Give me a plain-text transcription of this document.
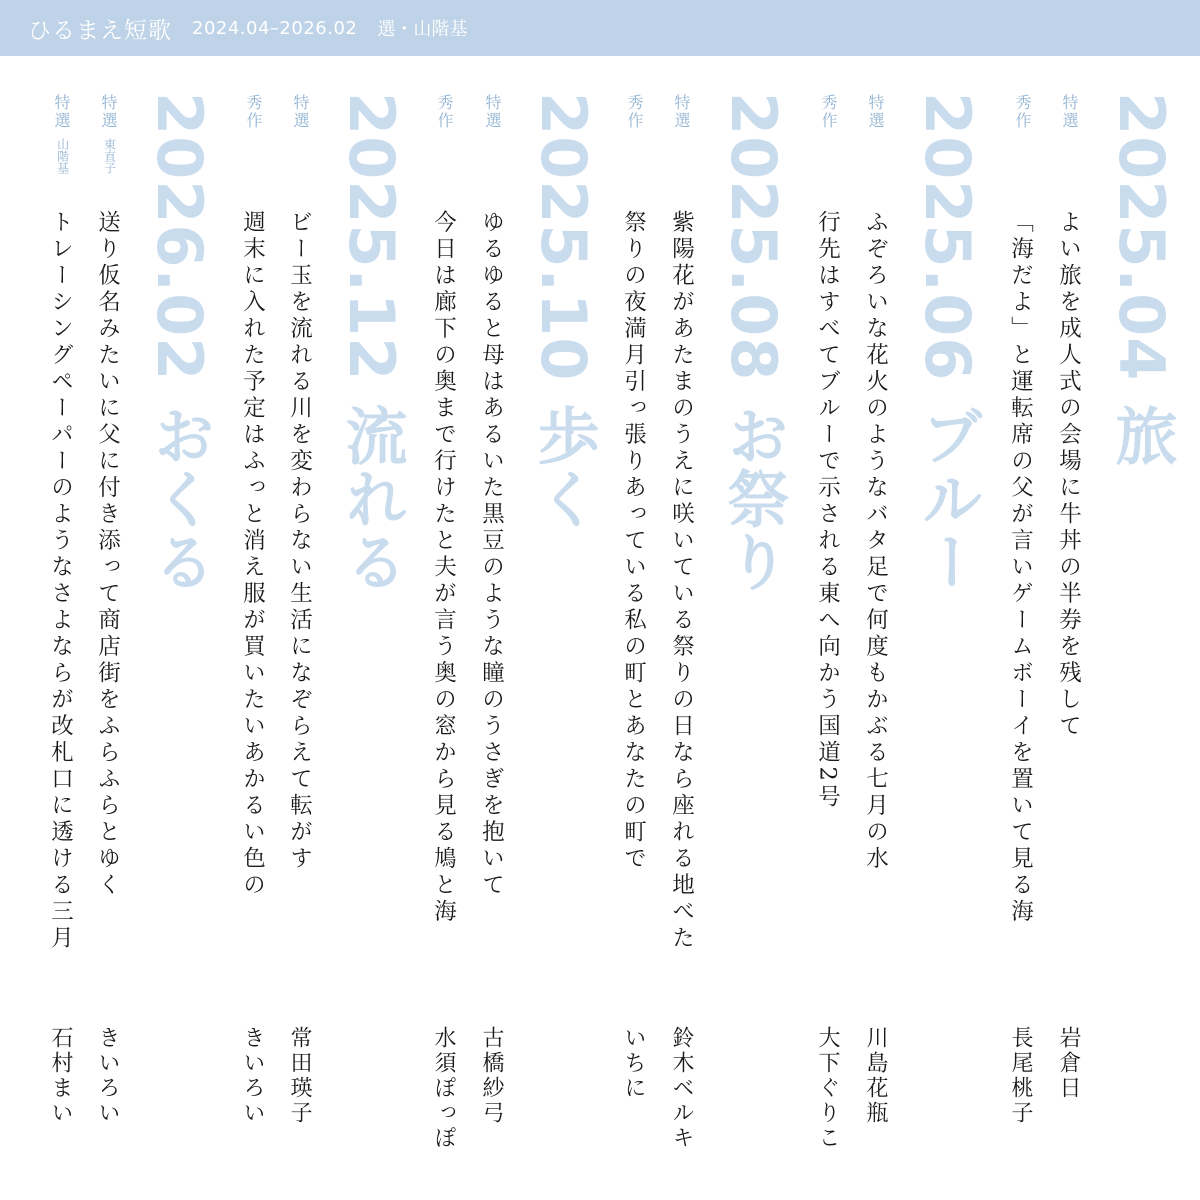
ひるまえ短歌 2024.04–2026.02 選・山階基
2025.04 旅
特選
よい旅を成人式の会場に牛丼の半券を残して
岩倉日
秀作
「海だよ」と運転席の父が言いゲームボーイを置いて見る海
長尾桃子
2025.06 ブルー
特選
ふぞろいな花火のようなバタ足で何度もかぶる七月の水
川島花瓶
秀作
行先はすべてブルーで示される東へ向かう国道2号
大下ぐりこ
2025.08 お祭り
特選
紫陽花があたまのうえに咲いている祭りの日なら座れる地べた
鈴木ベルキ
秀作
祭りの夜満月引っ張りあっている私の町とあなたの町で
いちに
2025.10 歩く
特選
ゆるゆると母はあるいた黒豆のような瞳のうさぎを抱いて
古橋紗弓
秀作
今日は廊下の奥まで行けたと夫が言う奥の窓から見る鳩と海
水須ぽっぽ
2025.12 流れる
特選
ビー玉を流れる川を変わらない生活になぞらえて転がす
常田瑛子
秀作
週末に入れた予定はふっと消え服が買いたいあかるい色の
きいろい
2026.02 おくる
特選
東直子
送り仮名みたいに父に付き添って商店街をふらふらとゆく
きいろい
特選
山階基
トレーシングペーパーのようなさよならが改札口に透ける三月
石村まい
